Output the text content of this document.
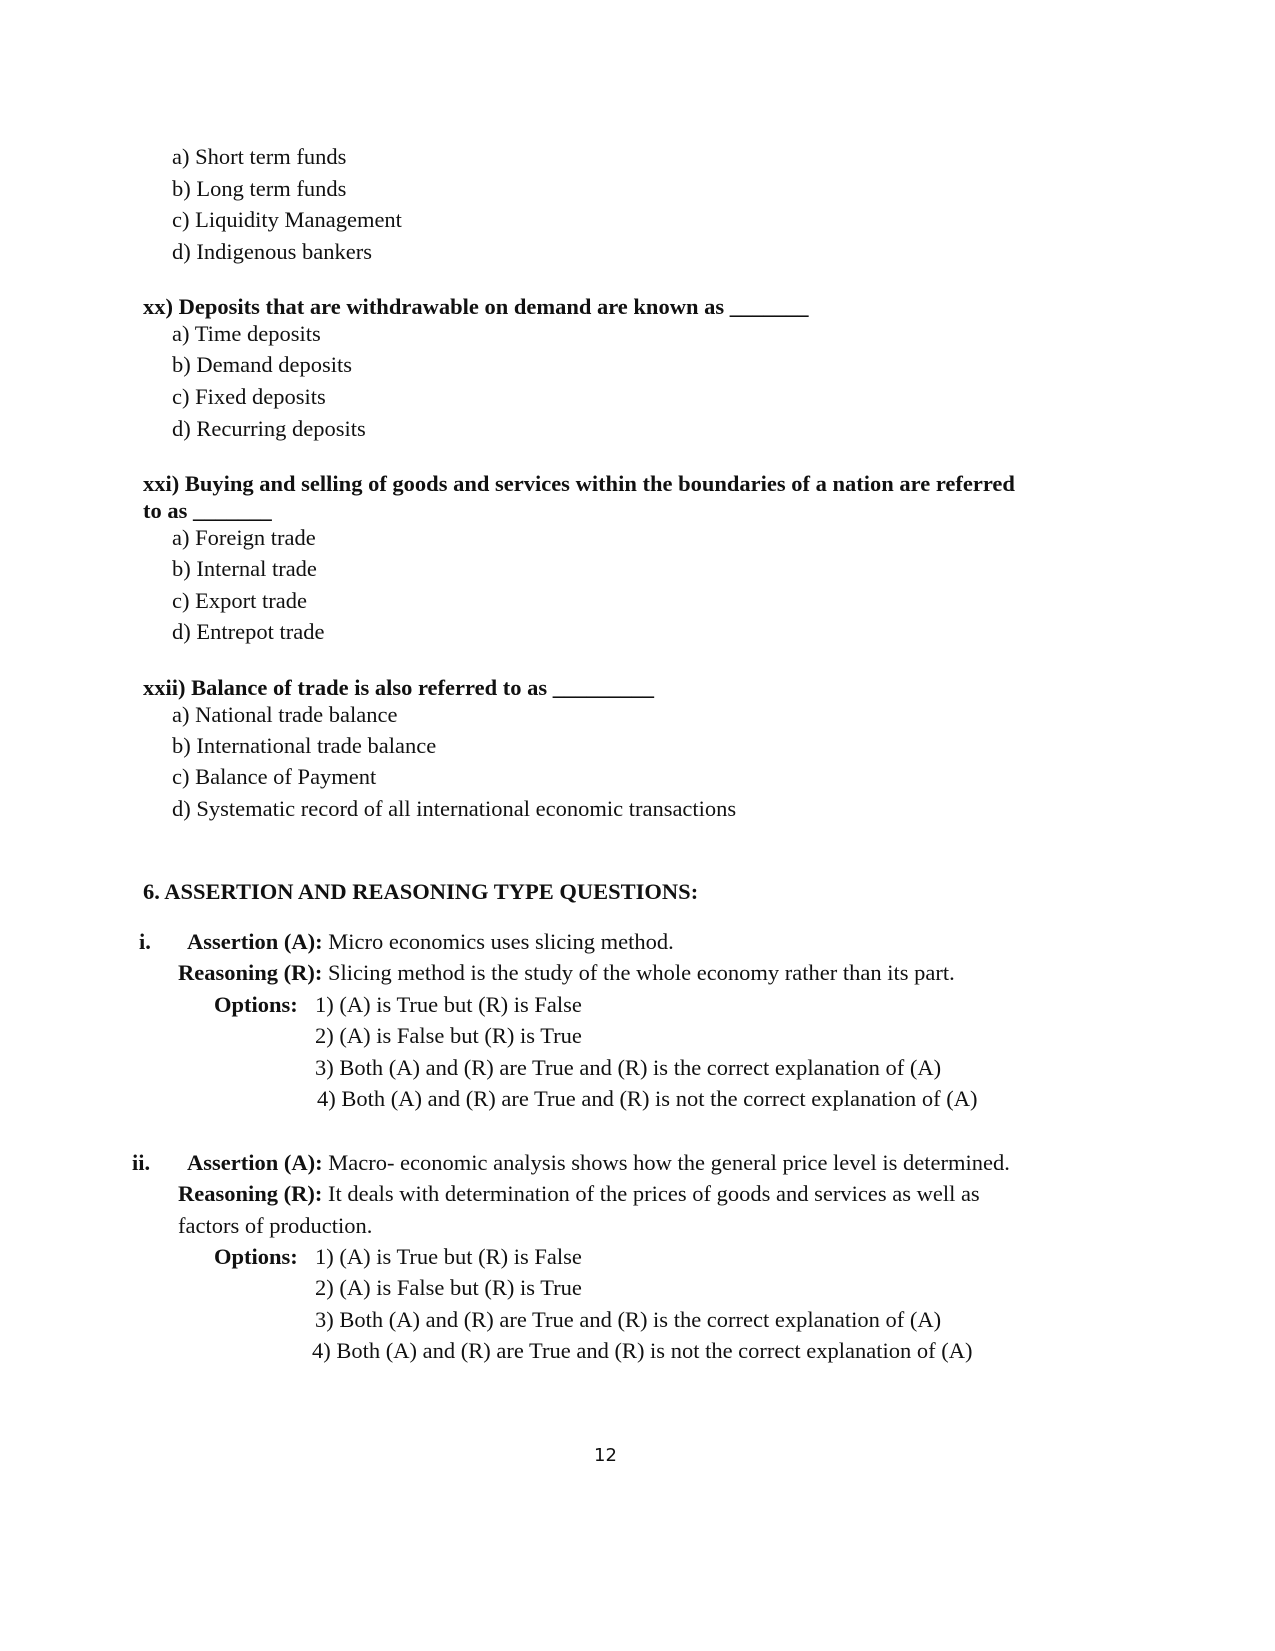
a) Short term funds
b) Long term funds
c) Liquidity Management
d) Indigenous bankers
xx) Deposits that are withdrawable on demand are known as _______
a) Time deposits
b) Demand deposits
c) Fixed deposits
d) Recurring deposits
xxi) Buying and selling of goods and services within the boundaries of a nation are referred
to as _______
a) Foreign trade
b) Internal trade
c) Export trade
d) Entrepot trade
xxii) Balance of trade is also referred to as _________
a) National trade balance
b) International trade balance
c) Balance of Payment
d) Systematic record of all international economic transactions
6. ASSERTION AND REASONING TYPE QUESTIONS:
i. Assertion (A): Micro economics uses slicing method.
Reasoning (R): Slicing method is the study of the whole economy rather than its part.
Options: 1) (A) is True but (R) is False
2) (A) is False but (R) is True
3) Both (A) and (R) are True and (R) is the correct explanation of (A)
4) Both (A) and (R) are True and (R) is not the correct explanation of (A)
ii. Assertion (A): Macro- economic analysis shows how the general price level is determined.
Reasoning (R): It deals with determination of the prices of goods and services as well as
factors of production.
Options: 1) (A) is True but (R) is False
2) (A) is False but (R) is True
3) Both (A) and (R) are True and (R) is the correct explanation of (A)
4) Both (A) and (R) are True and (R) is not the correct explanation of (A)
12
